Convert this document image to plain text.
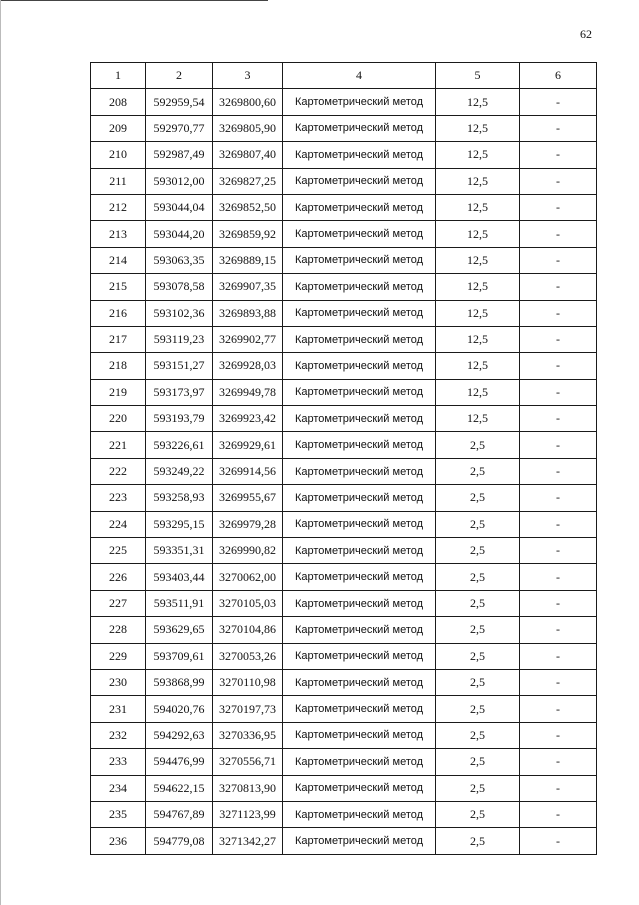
62
1	2	3	4	5	6
208	592959,54	3269800,60	Картометрический метод	12,5	-
209	592970,77	3269805,90	Картометрический метод	12,5	-
210	592987,49	3269807,40	Картометрический метод	12,5	-
211	593012,00	3269827,25	Картометрический метод	12,5	-
212	593044,04	3269852,50	Картометрический метод	12,5	-
213	593044,20	3269859,92	Картометрический метод	12,5	-
214	593063,35	3269889,15	Картометрический метод	12,5	-
215	593078,58	3269907,35	Картометрический метод	12,5	-
216	593102,36	3269893,88	Картометрический метод	12,5	-
217	593119,23	3269902,77	Картометрический метод	12,5	-
218	593151,27	3269928,03	Картометрический метод	12,5	-
219	593173,97	3269949,78	Картометрический метод	12,5	-
220	593193,79	3269923,42	Картометрический метод	12,5	-
221	593226,61	3269929,61	Картометрический метод	2,5	-
222	593249,22	3269914,56	Картометрический метод	2,5	-
223	593258,93	3269955,67	Картометрический метод	2,5	-
224	593295,15	3269979,28	Картометрический метод	2,5	-
225	593351,31	3269990,82	Картометрический метод	2,5	-
226	593403,44	3270062,00	Картометрический метод	2,5	-
227	593511,91	3270105,03	Картометрический метод	2,5	-
228	593629,65	3270104,86	Картометрический метод	2,5	-
229	593709,61	3270053,26	Картометрический метод	2,5	-
230	593868,99	3270110,98	Картометрический метод	2,5	-
231	594020,76	3270197,73	Картометрический метод	2,5	-
232	594292,63	3270336,95	Картометрический метод	2,5	-
233	594476,99	3270556,71	Картометрический метод	2,5	-
234	594622,15	3270813,90	Картометрический метод	2,5	-
235	594767,89	3271123,99	Картометрический метод	2,5	-
236	594779,08	3271342,27	Картометрический метод	2,5	-
